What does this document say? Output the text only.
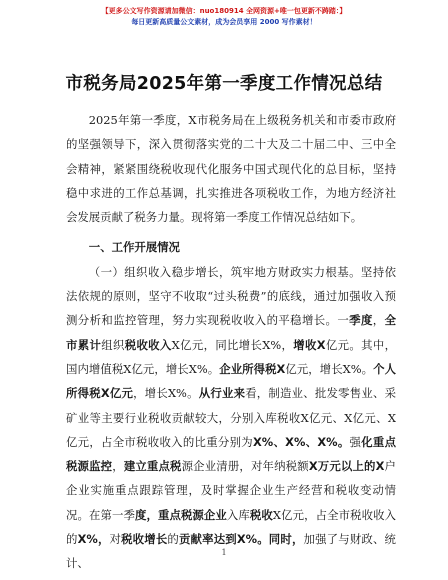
【更多公文写作资源请加微信：nuo180914 全网资源+唯一包更新不踌踏：】
每日更新高质量公文素材，成为会员享用 2000 写作素材！
市税务局2025年第一季度工作情况总结

2025年第一季度，X市税务局在上级税务机关和市委市政府的坚强领导下，深入贯彻落实党的二十大及二十届二中、三中全会精神，紧紧围绕税收现代化服务中国式现代化的总目标，坚持稳中求进的工作总基调，扎实推进各项税收工作，为地方经济社会发展贡献了税务力量。现将第一季度工作情况总结如下。

一、工作开展情况

（一）组织收入稳步增长，筑牢地方财政实力根基。坚持依法依规的原则，坚守不收取“过头税费”的底线，通过加强收入预测分析和监控管理，努力实现税收收入的平稳增长。一季度，全市累计组织税收收入X亿元，同比增长X%，增收X亿元。其中，国内增值税X亿元，增长X%。企业所得税X亿元，增长X%。个人所得税X亿元，增长X%。从行业来看，制造业、批发零售业、采矿业等主要行业税收贡献较大，分别入库税收X亿元、X亿元、X亿元，占全市税收收入的比重分别为X%、X%、X%。强化重点税源监控，建立重点税源企业清册，对年纳税额X万元以上的X户企业实施重点跟踪管理，及时掌握企业生产经营和税收变动情况。在第一季度，重点税源企业入库税收X亿元，占全市税收收入的X%，对税收增长的贡献率达到X%。同时，加强了与财政、统计、

1
